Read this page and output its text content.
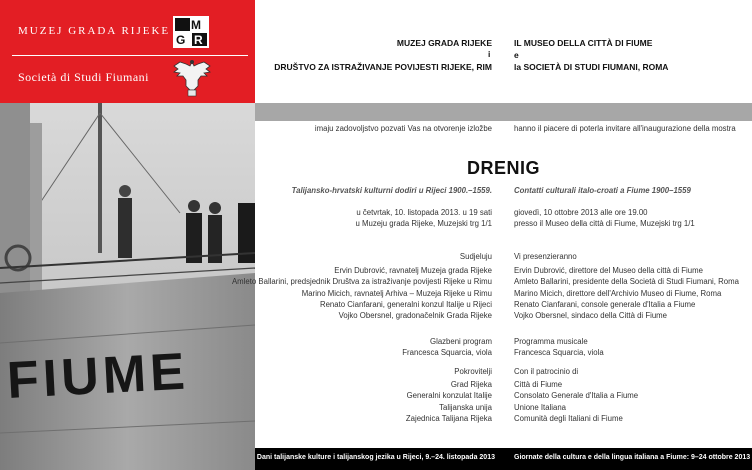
MUZEJ GRADA RIJEKE M
G R
Società di Studi Fiumani
FIUME
MUZEJ GRADA RIJEKE
DRUŠTVO ZA ISTRAŽIVANJE POVIJESTI RIJEKE, RIM
i
IL MUSEO DELLA CITTÀ DI FIUME
e
la SOCIETÀ DI STUDI FIUMANI, ROMA
imaju zadovoljstvo pozvati Vas na otvorenje izložbe	hanno il piacere di poterla invitare all'inaugurazione della mostra
DRENIG
Talijansko-hrvatski kulturni dodiri u Rijeci 1900.–1559.	Contatti culturali italo-croati a Fiume 1900–1559
u četvrtak, 10. listopada 2013. u 19 sati
u Muzeju grada Rijeke, Muzejski trg 1/1
giovedì, 10 ottobre 2013 alle ore 19.00
presso il Museo della città di Fiume, Muzejski trg 1/1
Sudjeluju
Ervin Dubrović, ravnatelj Muzeja grada Rijeke
Amleto Ballarini, predsjednik Društva za istraživanje povijesti Rijeke u Rimu
Marino Micich, ravnatelj Arhiva – Muzeja Rijeke u Rimu
Renato Cianfarani, generalni konzul Italije u Rijeci
Vojko Obersnel, gradonačelnik Grada Rijeke
Vi presenzieranno
Ervin Dubrović, direttore del Museo della città di Fiume
Amleto Ballarini, presidente della Società di Studi Fiumani, Roma
Marino Micich, direttore dell'Archivio Museo di Fiume, Roma
Renato Cianfarani, console generale d'Italia a Fiume
Vojko Obersnel, sindaco della Città di Fiume
Glazbeni program
Francesca Squarcia, viola
Programma musicale
Francesca Squarcia, viola
Pokrovitelji
Grad Rijeka
Generalni konzulat Italije
Talijanska unija
Zajednica Talijana Rijeka
Con il patrocinio di
Città di Fiume
Consolato Generale d'Italia a Fiume
Unione Italiana
Comunità degli Italiani di Fiume
Dani talijanske kulture i talijanskog jezika u Rijeci, 9.–24. listopada 2013	Giornate della cultura e della lingua italiana a Fiume: 9–24 ottobre 2013
